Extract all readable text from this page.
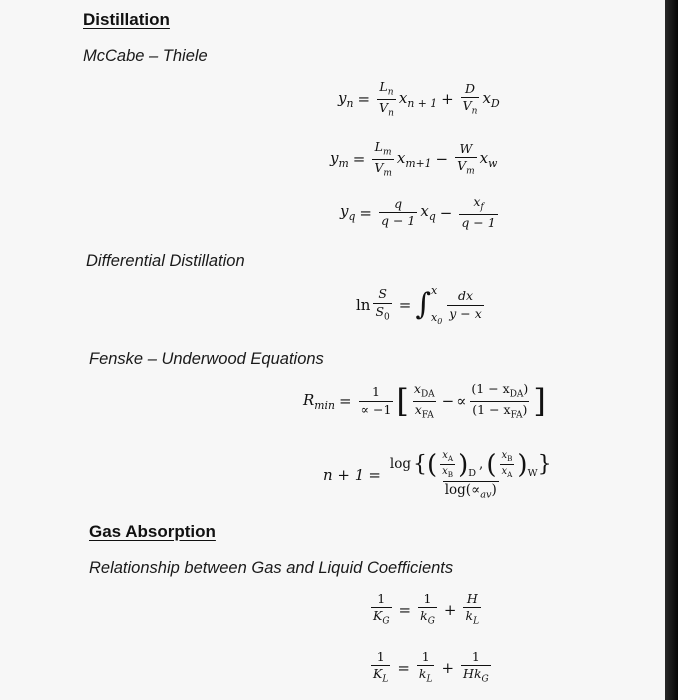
Distillation
McCabe – Thiele
$y_n = \frac{L_n}{V_n} x_{n + 1} + \frac{D}{V_n} x_D$
$y_m = \frac{L_m}{V_m} x_{m+1} - \frac{W}{V_m} x_w$
$y_q = \frac{q}{q - 1} x_q - \frac{x_f}{q - 1}$
Differential Distillation
$\ln \frac{S}{S_0}$ = ∫ x
$x_0$
$\frac{dx}{y - x}$
Fenske – Underwood Equations
$R_{min} = \frac{1}{\propto -1}$ [ $\frac{x_{DA}}{x_{FA}}$ − ∝ $\frac{(1 - x_{DA})}{(1 - x_{FA})}$ ]
n + 1 =
log { ( $\frac{x_A}{x_B} )_D$
, ( $\frac{x_B}{x_A} )_W$ }
$\log(\propto_{av})$
Gas Absorption
Relationship between Gas and Liquid Coefficients
$\frac{1}{K_G} = \frac{1}{k_G} + \frac{H}{k_L}$
$\frac{1}{K_L} = \frac{1}{k_L} + \frac{1}{Hk_G}$
